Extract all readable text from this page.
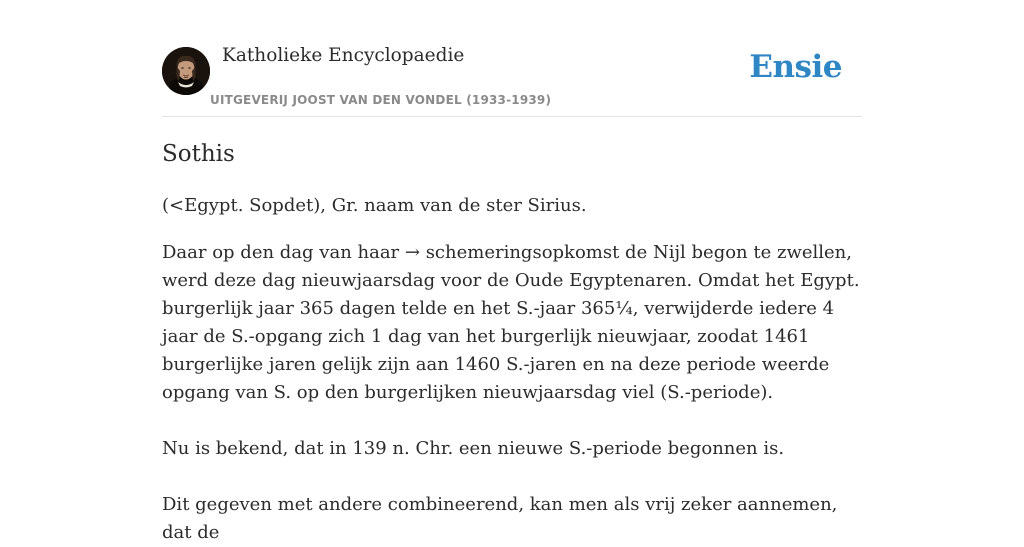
Katholieke Encyclopaedie
UITGEVERIJ JOOST VAN DEN VONDEL (1933-1939)
Ensie
Sothis

(<Egypt. Sopdet), Gr. naam van de ster Sirius.

Daar op den dag van haar → schemeringsopkomst de Nijl begon te zwellen, werd deze dag nieuwjaarsdag voor de Oude Egyptenaren. Omdat het Egypt. burgerlijk jaar 365 dagen telde en het S.-jaar 365¼, verwijderde iedere 4 jaar de S.-opgang zich 1 dag van het burgerlijk nieuwjaar, zoodat 1461 burgerlijke jaren gelijk zijn aan 1460 S.-jaren en na deze periode weerde opgang van S. op den burgerlijken nieuwjaarsdag viel (S.-periode).
Nu is bekend, dat in 139 n. Chr. een nieuwe S.-periode begonnen is.
Dit gegeven met andere combineerend, kan men als vrij zeker aannemen, dat de
